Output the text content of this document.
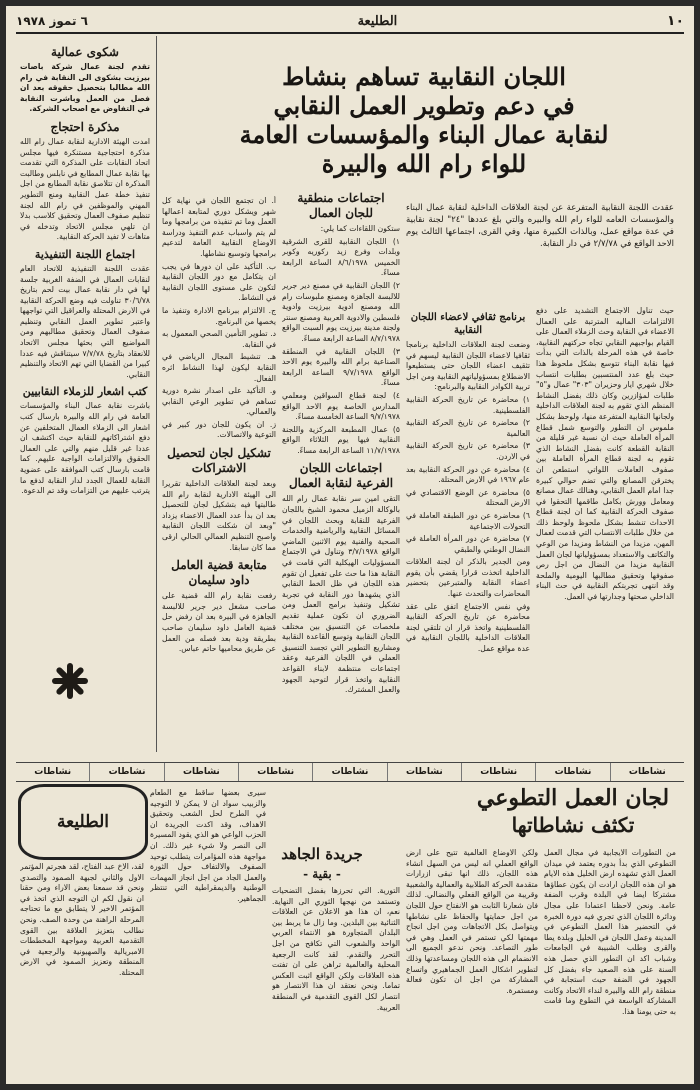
١٠
الطليعة
٦ تموز ١٩٧٨
اللجان النقابية تساهم بنشاط
في دعم وتطوير العمل النقابي
لنقابة عمال البناء والمؤسسات العامة
للواء رام الله والبيرة

عقدت اللجنة النقابية المتفرعة عن لجنة العلاقات الداخلية لنقابة عمال البناء والمؤسسات العامه للواء رام الله والبيره والتي بلغ عددها "٢٤" لجنة نقابية في عدة مواقع عمل، وبالذات الكبيرة منها، وفي القرى، اجتماعها الثالث يوم الاحد الواقع في ٢/٧/٧٨ في دار النقابة.

حيث تناول الاجتماع التشديد على دفع الالتزامات الماليه المترتبة على العمال الاعضاء في النقابة وحث الزملاء العمال على القيام بواجبهم النقابي تجاه حركتهم النقابية، خاصة في هذه المرحلة بالذات التي بدأت فيها نقابة البناء تتوسع بشكل ملحوظ هذا حيث بلغ عدد المنتسبين بطلبات انتساب خلال شهري ايار وحزيران "٣٠٣" عمال و"٥" طلبات لمؤازرين وكان ذلك بفضل النشاط المنظم الذي تقوم به لجنة العلاقات الداخلية ولجانها النقابية المتفرعة منها، ولوحظ بشكل ملموس ان التطور والتوسع شمل قطاع المرأة العاملة حيث ان نسبة غير قليلة من النقابة القطعة كانت بفضل النشاط الذي تقوم به لجنة قطاع المرأة العاملة بين صفوف العاملات اللواتي استطعن ان يخترقن المصانع والتي تضم حوالي كبيرة جدا امام العمل النقابي، وهنالك عمال مصانع ومعامل وورش بكامل طاقمها التحقوا في صفوف الحركة النقابية كما ان لجنة قطاع الاحداث تنشط بشكل ملحوظ ولوحظ ذلك من خلال طلبات الانتساب التي قدمت لعمال المهن، مزيدا من النشاط ومزيدا من الوعي والتكاتف والاستعداد بمسؤولياتها لجان العمل النقابية مزيدا من النضال من اجل رص صفوفها وتحقيق مطالبها اليومية والملحة وقد انتهى تجربتكم النقابية في حث البناء الداخلي صحتها وجدارتها في العمل.

برنامج ثقافي لاعضاء اللجان النقابية

وضعت لجنة العلاقات الداخلية برنامجا ثقافيا لاعضاء اللجان النقابية ليسهم في تثقيف اعضاء اللجان حتى يستطيعوا الاضطلاع بمسؤولياتهم النقابية ومن اجل تربية الكوادر النقابية والبرنامج:

١) محاضرة عن تاريخ الحركة النقابية الفلسطينية.

٢) محاضرة عن تاريخ الحركة النقابية العالمية

٣) محاضرة عن تاريخ الحركة النقابية في الاردن.

٤) محاضرة عن دور الحركة النقابية بعد عام ١٩٦٧ في الارض المحتلة.

٥) محاضرة عن الوضع الاقتصادي في الارض المحتلة

٦) محاضرة عن دور الطبقة العاملة في التحولات الاجتماعية

٧) محاضرة عن دور المرأة العاملة في النضال الوطني والطبقي

ومن الجدير بالذكر ان لجنة العلاقات الداخلية اتخذت قرارا يقضي بأن يقوم اعضاء النقابة والمتبرعين بتحضير المحاضرات والتحدث عنها.

وفي نفس الاجتماع اتفق على عقد محاضرة عن تاريخ الحركة النقابية الفلسطينية واتخذ قرار ان تلتقي لجنة العلاقات الداخلية باللجان النقابية في عدة مواقع عمل.

اجتماعات منطقية للجان العمال

ستكون اللقاءات كما يلي:

١) اللجان النقابية للقرى الشرقية وبلدات وفرع زيد ركوريه وكوبر الخميس ٨/٦/١٩٧٨ الساعة الرابعة مساءً.

٢) اللجان النقابية في مصنع دير جرير للالبسة الجاهزة ومصنع ملبوسات رام الله ومصنع ادوية بيرزيت وادوية فلسطين والادوية العربية ومصنع سنتر ولجنة مدينة بيرزيت يوم السبت الواقع ٨/٧/١٩٧٨ الساعة الرابعة مساءً.

٣) اللجان النقابية في المنطقة الصناعية برام الله والبيرة يوم الاحد الواقع ٩/٧/١٩٧٨ الساعة الرابعة مساءً.

٤) لجنة قطاع السواقين ومعلمي المدارس الخاصة يوم الاحد الواقع ٩/٧/١٩٧٨ الساعة الخامسة مساءً.

٥) عمال المطبعة المركزية واللجنة النقابية فيها يوم الثلاثاء الواقع ١١/٧/١٩٧٨ الساعة الرابعة مساءً.

اجتماعات اللجان الفرعية لنقابة العمال

التقى امين سر نقابة عمال رام الله بالوكالة الزميل محمود الشيخ باللجان الفرعية للنقابة وبحث اللجان في المسائل النقابية والرياضية والخدمات الصحية والفنية يوم الاثنين الماضي الواقع ٣/٧/١٩٧٨ وتناول في الاجتماع المسؤوليات الهيكلية التي قامت في النقابة هذا ما حث على تفعيل ان تقوم هذه اللجان في ظل الخط النقابي الذي يشهدها دور النقابة في تجربة تشكيل وتنفيذ برامج العمل ومن الضروري ان تكون عملية تقديم ملخصات عن التنسيق بين مختلف اللجان النقابية وتوسع القاعدة النقابية ومشاريع التطوير التي تجسد التنسيق العملي في اللجان الفرعية وعقد اجتماعات منتظمة لابناء القواعد النقابية واتخذ قرار لتوحيد الجهود والعمل المشترك.

أ. ان تجتمع اللجان في نهاية كل شهر ويشكل دوري لمتابعة اعمالها العمل وما تم تنفيذه من برامجها وما لم يتم واسباب عدم التنفيذ ودراسة الاوضاع النقابية العامة لتدعيم برامجها وتوسيع نشاطها.

ب. التأكيد على ان دورها في يجب ان يتكامل مع دور اللجان النقابية لتكون على مستوى اللجان النقابية في النشاط.

ج. الالتزام ببرنامج الادارة وتنفيذ ما يخصها من البرنامج.

د. تطوير التأمين الصحي المعمول به في النقابة.

هـ. تنشيط المجال الرياضي في النقابة ليكون لهذا النشاط اثره الفعال.

و. التأكيد على اصدار نشرة دورية تساهم في تطوير الوعي النقابي والعمالي.

ز. ان يكون للجان دور كبير في التوعية والاتصالات.

تشكيل لجان لتحصيل الاشتراكات

وبعد لجنة العلاقات الداخلية تقريرا الى الهيئة الادارية لنقابة رام الله طالبتها فيه بتشكيل لجان للتحصيل بعد ان بدأ عدد العمال الاعضاء يزداد "وبعد ان شكلت اللجان النقابية واصبح التنظيم العمالي الحالي ارقى مما كان سابقا.

متابعة قضية العامل داود سليمان

رفعت نقابة رام الله قضية على صاحب مشغل دير جرير للالبسة الجاهزة في البيرة بعد ان رفض حل قضية العامل داود سليمان صاحب بطريقة ودية بعد فصله من العمل عن طريق محاميها حاتم عباس.

شكوى عمالية

تقدم لجنة عمال شركة باصات بيرزيت بشكوى الى النقابة في رام الله مطالبا بتحصيل حقوقه بعد ان فصل من العمل وباشرت النقابة في التفاوض مع اصحاب الشركة.

مذكرة احتجاج

امدت الهيئة الادارية لنقابة عمال رام الله مذكرة احتجاجية مستنكرة فيها مجلس اتحاد النقابات على المذكرة التي تقدمت بها نقابة عمال المطابع في نابلس وطالبت المذكرة ان تتلاصق نقابة المطابع من اجل تنفيذ خطة عمل النقابية ومنع التطوير المهني والموظفين في رام الله لجنة تنظيم صفوف العمال وتحقيق كلاسب بدلا ان تلهي مجلس الاتحاد وتدخله في متاهات لا تفيد الحركة النقابية.

اجتماع اللجنة التنفيذية

عقدت اللجنة التنفيذية للاتحاد العام لنقابات العمال في الضفة الغربية جلسة لها في دار نقابة عمال بيت لحم بتاريخ ٣٠/٦/٧٨ تناولت فيه وضع الحركة النقابية في الارض المحتلة والعراقيل التي تواجهها واعتبر تطوير العمل النقابي وتنظيم صفوف العمال وتحقيق مطالبهم ومن المواضيع التي بحثها مجلس الاتحاد للانعقاد بتاريخ ٧/٧/٧٨ سيتناقش فيه عددا كبيرا من القضايا التي تهم الاتحاد والتنظيم النقابي.

كتب اشعار للزملاء النقابيين

باشرت نقابة عمال البناء والمؤسسات العامة في رام الله والبيرة بارسال كتب اشعار الى الزملاء العمال المتخلفين عن دفع اشتراكاتهم للنقابة حيث اكتشف ان عددا غير قليل منهم والتي على العمال الحقوق والالتزامات الواجبة عليهم. كما قامت بارسال كتب الموافقة على عضوية النقابة للعمال الجدد لدار النقابة لدفع ما يترتب عليهم من التزامات وقد تم الدعوة.

نشاطات
نشاطات
نشاطات
نشاطات
نشاطات
نشاطات
نشاطات
نشاطات
نشاطات
لجان العمل التطوعي
تكثف نشاطاتها

من التطورات الايجابية في مجال العمل التطوعي الذي بدأ بدوره يعتمد في ميدان العمل الذي تشهده ارض الخليل هذه الايام هو ان هذه اللجان ارادت ان يكون عطاؤها مشتركا ايضا في البلدة وقرب الضفة عامة. ونحن لاحظنا اعتمادا على مجال ودائرة اللجان الذي تجري فيه دورة الخبرة في التحضير هذا العمل التطوعي في المدينة وعمل اللجان في الخليل وبلدة يطا والقرى وطلب الشبيبة في الجامعات وشباب اكد ان التطور الذي حصل هذه السنة على هذه الصعيد جاء بفضل كل الجهود في الضفة حيث استجابة في منطقة رام الله والبيرة لنداء الاتحاد وكانت المشاركة الواسعة في التطوع وما قامت به حتى يومنا هذا.

ولكن الاوضاع العالمية تتيح على ارض الواقع العملي انه ليس من السهل انشاء هذه اللجان، ذلك انها تبقى ازرارات متقدمة الحركة الطلابية والعمالية والشعبية وقريبة من الواقع الفعلي والنضالي. لذلك فان شعارنا الثابت هو الانفتاح حول اللجان من اجل حمايتها والحفاظ على نشاطها ويتواصل بكل الاتجاهات ومن اجل انجاح مهمتها لكي تستمر في العمل وهي في طور التصاعد. ونحن ندعو الجميع الى الانضمام الى هذه اللجان ومساعدتها وذلك لتطوير اشكال العمل الجماهيري واتساع المشاركة من اجل ان تكون فعالة ومستمرة.

جريدة الجاهد
- بقية -

التورية. التي تحرزها بفضل التضحيات وتستمد من نهجها الثوري الى النهاية. نعم، ان هذا هو الاعلان عن العلاقات الثنائية بين البلدين. وما زال ما يربط بين البلدان المتجاورة هو الانتماء العربي الواحد والشعوب التي تكافح من اجل التحرر والتقدم. لقد كانت الرجعية المحلية والعالمية تراهن على ان تفتت هذه العلاقات ولكن الواقع اثبت العكس تماما. ونحن نعتقد ان هذا الانتصار هو انتصار لكل القوى التقدمية في المنطقة العربية.

سيرى بعضها ساقط مع الطعام والزبيب سواد ان لا يمكن لا التوجيه في الطرح لحل الشعب وتحقيق الاهداف، وقد اكدت الجريدة ان الحزب الواعي هو الذي يقود المسيرة الى النصر ولا شيء غير ذلك. ان مواجهة هذه المؤامرات يتطلب توحيد الصفوف والالتفاف حول الثورة والعمل الجاد من اجل انجاز المهمات الوطنية والديمقراطية التي تنتظر الجماهير.

الطليعة

لقد، الاخ عبد الفتاح، لقد هجرتم المؤتمر الاول والثاني لجبهة الصمود والتصدي ونحن قد سمعنا بعض الاراء ومن حقنا ان نقول لكم ان التوجه الذي اتخذ في المؤتمر الاخير لا يتطابق مع ما تحتاجه المرحلة الراهنة من وحدة الصف. ونحن نطالب بتعزيز العلاقة بين القوى التقدمية العربية ومواجهة المخططات الامبريالية والصهيونية والرجعية في المنطقة وتعزيز الصمود في الارض المحتلة.
